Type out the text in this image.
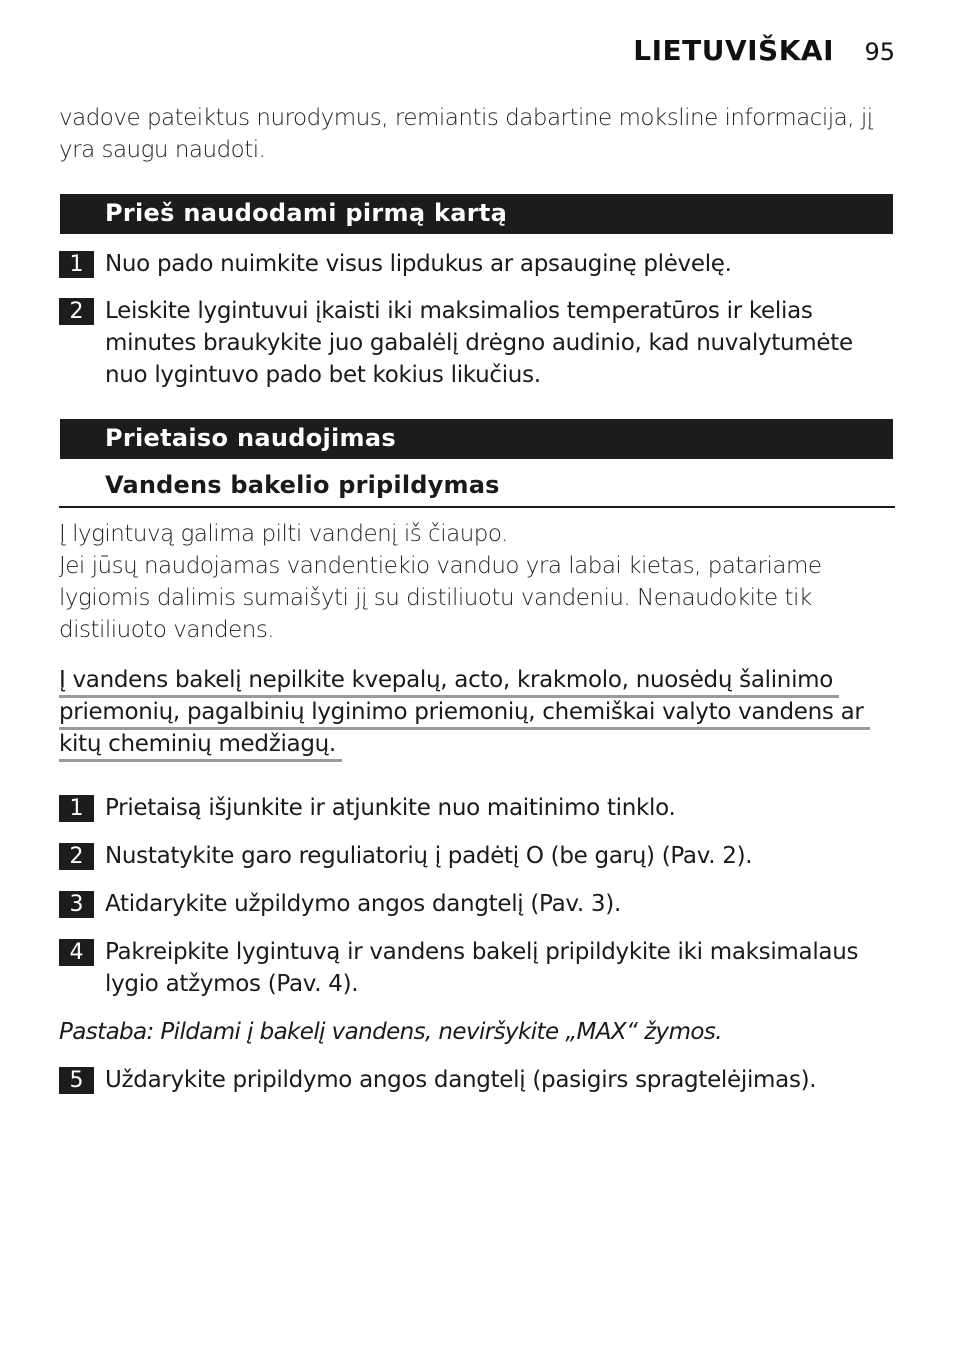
LIETUVIŠKAI 95
vadove pateiktus nurodymus, remiantis dabartine moksline informacija, jį
yra saugu naudoti.
Prieš naudodami pirmą kartą
1 Nuo pado nuimkite visus lipdukus ar apsauginę plėvelę.
2 Leiskite lygintuvui įkaisti iki maksimalios temperatūros ir kelias
minutes braukykite juo gabalėlį drėgno audinio, kad nuvalytumėte
nuo lygintuvo pado bet kokius likučius.
Prietaiso naudojimas
Vandens bakelio pripildymas
Į lygintuvą galima pilti vandenį iš čiaupo.
Jei jūsų naudojamas vandentiekio vanduo yra labai kietas, patariame
lygiomis dalimis sumaišyti jį su distiliuotu vandeniu. Nenaudokite tik
distiliuoto vandens.
Į vandens bakelį nepilkite kvepalų, acto, krakmolo, nuosėdų šalinimo
priemonių, pagalbinių lyginimo priemonių, chemiškai valyto vandens ar
kitų cheminių medžiagų.
1 Prietaisą išjunkite ir atjunkite nuo maitinimo tinklo.
2 Nustatykite garo reguliatorių į padėtį O (be garų) (Pav. 2).
3 Atidarykite užpildymo angos dangtelį (Pav. 3).
4 Pakreipkite lygintuvą ir vandens bakelį pripildykite iki maksimalaus
lygio atžymos (Pav. 4).
Pastaba: Pildami į bakelį vandens, neviršykite „MAX“ žymos.
5 Uždarykite pripildymo angos dangtelį (pasigirs spragtelėjimas).
